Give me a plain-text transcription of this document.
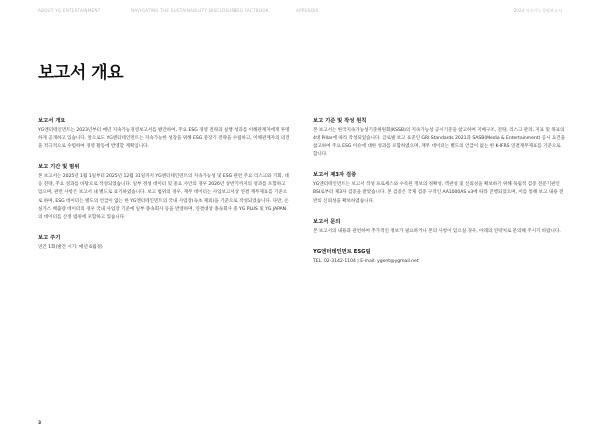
ABOUT YG ENTERTAINMENT	NAVIGATING THE SUSTAINABILITY DISCLOSURE
ESG FACTBOOK	APPENDIX	2024 지속가능경영보고서
보고서 개요
보고서 개요

YG엔터테인먼트는 2023년부터 매년 지속가능경영보고서를 발간하여, 주요 ESG 경영 전략과 실행 성과를 이해관계자에게 투명하게 공개하고 있습니다. 앞으로도 YG엔터테인먼트는 지속가능한 성장을 위해 ESG 중장기 전략을 수립하고, 이해관계자의 의견을 적극적으로 수렴하여 경영 활동에 반영할 계획입니다.

보고 기간 및 범위

본 보고서는 2025년 1월 1일부터 2025년 12월 31일까지 YG엔터테인먼트의 지속가능성 및 ESG 관련 주요 리스크와 기회, 대응 전략, 주요 성과를 바탕으로 작성되었습니다. 일부 정성 데이터 및 중요 사안의 경우 2026년 상반기까지의 성과를 포함하고 있으며, 관련 사항은 보고서 내 별도로 표기하였습니다. 보고 범위의 경우, 재무 데이터는 사업보고서상 연결 재무제표를 기준으로 하며, ESG 데이터는 별도의 언급이 없는 한 YG엔터테인먼트의 국내 사업장(속초 제외)을 기준으로 작성되었습니다. 다만, 온실가스 배출량 데이터의 경우 국내 사업장 기준에 일부 종속회사 등을 반영하며, 연결대상 종속회사 중 YG PLUS 및 YG JAPAN의 데이터를 산정 범위에 포함하고 있습니다.

보고 주기

연간 1회(발간 시기: 매년 6월경)

보고 기준 및 작성 원칙

본 보고서는 한국지속가능성기준위원회(KSSB)의 지속가능성 공시기준을 참고하여 지배구조, 전략, 리스크 관리, 지표 및 목표의 4대 Pillar에 따라 작성되었습니다. 글로벌 보고 표준인 GRI Standards 2021과 SASB(Media & Entertainment) 공시 요건을 참고하여 주요 ESG 이슈에 대한 성과를 포함하였으며, 재무 데이터는 별도의 언급이 없는 한 K-IFRS 연결재무제표를 기준으로 합니다.

보고서 제3자 검증

YG엔터테인먼트는 보고서 작성 프로세스와 수록된 정보의 정확성, 객관성 및 신뢰성을 확보하기 위해 독립적 검증 전문기관인 BSI로부터 제3자 검증을 받았습니다. 본 검증은 국제 검증 구격인 AA1000AS v3에 따라 진행되었으며, 이를 통해 보고 내용 전반의 신뢰성을 확보하였습니다.

보고서 문의

본 보고서의 내용과 관련하여 추가적인 정보가 필요하거나 본의 사항이 있으실 경우, 아래의 연락처로 문의해 주시기 바랍니다.

YG엔터테인먼트 ESG팀

TEL. 02-3142-1104 | E-mail. ygent@ygmail.net

3
